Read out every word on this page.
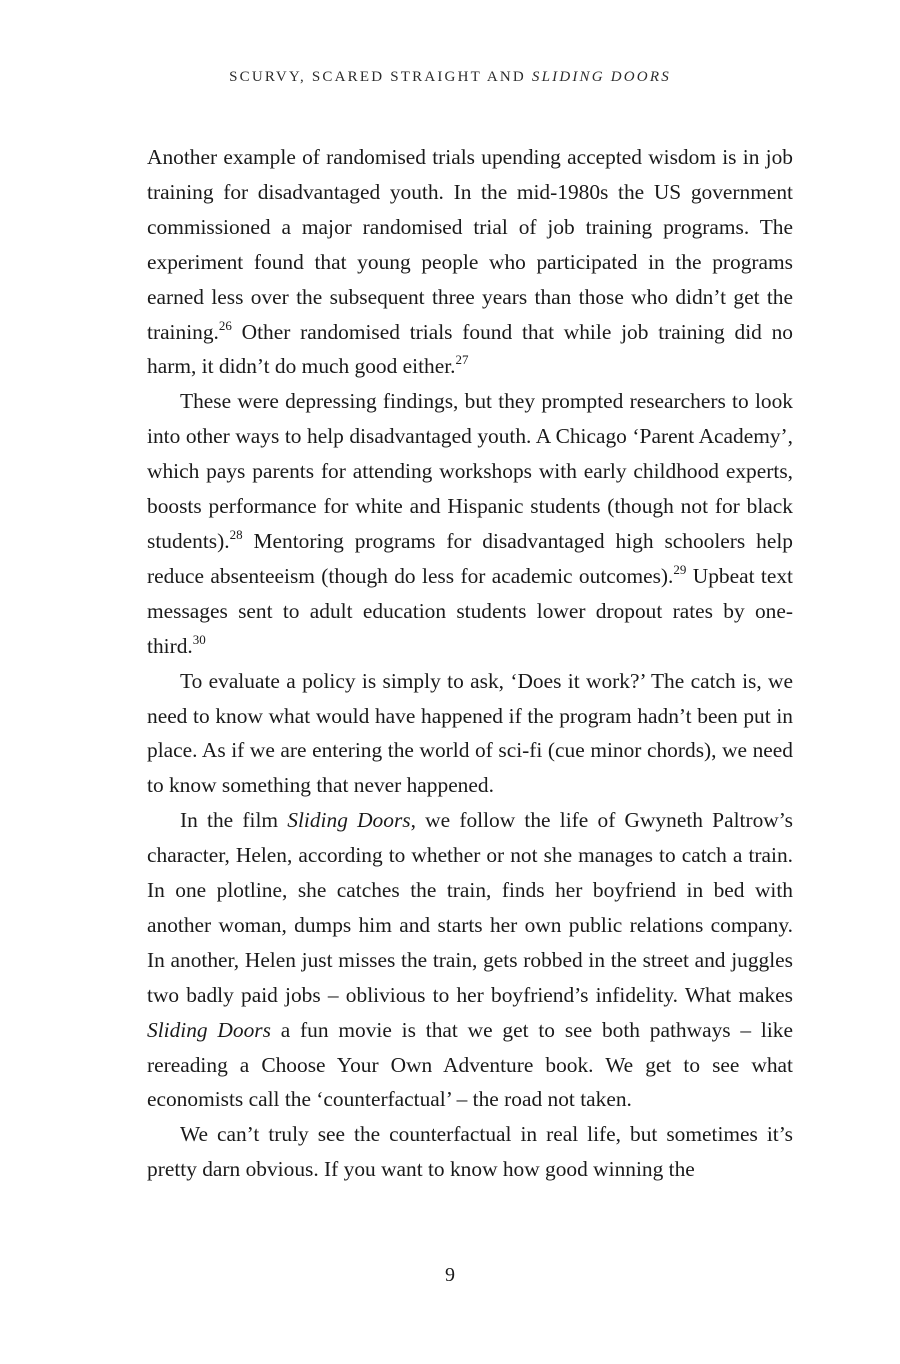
SCURVY, SCARED STRAIGHT AND SLIDING DOORS

Another example of randomised trials upending accepted wisdom is in job training for disadvantaged youth. In the mid-1980s the US government commissioned a major randomised trial of job training programs. The experiment found that young people who participated in the programs earned less over the subsequent three years than those who didn’t get the training.$^{26}$ Other randomised trials found that while job training did no harm, it didn’t do much good either.$^{27}$

These were depressing findings, but they prompted researchers to look into other ways to help disadvantaged youth. A Chicago ‘Parent Academy’, which pays parents for attending workshops with early childhood experts, boosts performance for white and Hispanic students (though not for black students).$^{28}$ Mentoring programs for disadvantaged high schoolers help reduce absenteeism (though do less for academic outcomes).$^{29}$ Upbeat text messages sent to adult education students lower dropout rates by one-third.$^{30}$

To evaluate a policy is simply to ask, ‘Does it work?’ The catch is, we need to know what would have happened if the program hadn’t been put in place. As if we are entering the world of sci-fi (cue minor chords), we need to know something that never happened.

In the film Sliding Doors, we follow the life of Gwyneth Paltrow’s character, Helen, according to whether or not she manages to catch a train. In one plotline, she catches the train, finds her boyfriend in bed with another woman, dumps him and starts her own public relations company. In another, Helen just misses the train, gets robbed in the street and juggles two badly paid jobs – oblivious to her boyfriend’s infidelity. What makes Sliding Doors a fun movie is that we get to see both pathways – like rereading a Choose Your Own Adventure book. We get to see what economists call the ‘counterfactual’ – the road not taken.

We can’t truly see the counterfactual in real life, but sometimes it’s pretty darn obvious. If you want to know how good winning the

9
